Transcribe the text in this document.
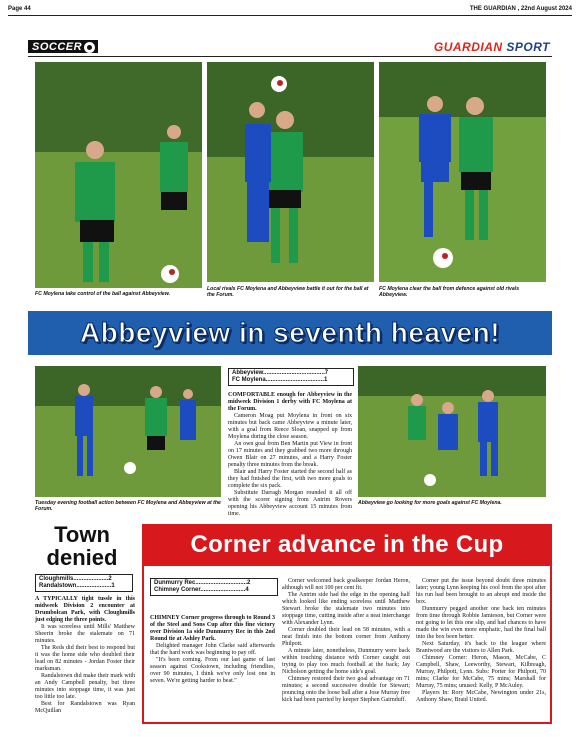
Page 44	THE GUARDIAN , 22nd August 2024
SOCCER	GUARDIAN SPORT
FC Moylena take control of the ball against Abbeyview.
Local rivals FC Moylena and Abbeyview battle it out for the ball at the Forum.
FC Moylena clear the ball from defence against old rivals Abbeyview.
Abbeyview in seventh heaven!
Tuesday evening football action between FC Moylena and Abbeyview at the Forum.
Abbeyview.....................................7
FC Moylena...................................1

COMFORTABLE enough for Abbeyview in the midweek Division 1 derby with FC Moylena at the Forum.

Cameron Moag put Moylena in front on six minutes but back came Abbeyview a minute later, with a goal from Reece Sloan, snapped up from Moylena during the close season.

An own goal from Ben Martin put View in front on 17 minutes and they grabbed two more through Owen Blair on 27 minutes, and a Harry Foster penalty three minutes from the break.

Blair and Harry Foster started the second half as they had finished the first, with two more goals to complete the six pack.

Substitute Darragh Morgan rounded it all off with the scorer signing from Antrim Rovers opening his Abbeyview account 15 minutes from time.

Abbeyview go looking for more goals against FC Moylena.
Town
denied
Cloughmills.....................2
Randalstown.....................1

A TYPICALLY tight tussle in this midweek Division 2 encounter at Drumbolcan Park, with Cloughmills just edging the three points.

It was scoreless until Mills' Matthew Sheerin broke the stalemate on 71 minutes.

The Reds did their best to respond but it was the home side who doubled their lead on 82 minutes - Jordan Foster their marksman.

Randalstown did make their mark with an Andy Campbell penalty, but three minutes into stoppage time, it was just too little too late.

Best for Randalstown was Ryan McQuillan

Corner advance in the Cup
Dunmurry Rec...............................2
Chimney Corner...........................4

CHIMNEY Corner progress through to Round 3 of the Steel and Sons Cup after this fine victory over Division 1a side Dunmurry Rec in this 2nd Round tie at Ashley Park.

Delighted manager John Clarke said afterwards that the hard work was beginning to pay off.

"It's been coming. From our last game of last season against Cookstown, including friendlies, over 90 minutes, I think we've only lost one in seven. We're getting harder to beat."

Corner welcomed back goalkeeper Jordan Heron, although will not 100 per cent fit.

The Antrim side had the edge in the opening half which looked like ending scoreless until Matthew Stewart broke the stalemate two minutes into stoppage time, cutting inside after a neat interchange with Alexander Lynn.

Corner doubled their lead on 58 minutes, with a neat finish into the bottom corner from Anthony Philpott.

A minute later, nonetheless, Dunmurry were back within touching distance with Corner caught out trying to play too much football at the back; Jay Nicholson getting the home side's goal.

Chimney restored their two goal advantage on 71 minutes; a second successive double for Stewart; pouncing onto the loose ball after a Jose Murray free kick had been parried by keeper Stephen Gairnduff.

Corner put the issue beyond doubt three minutes later; young Lynn keeping his cool from the spot after his run had been brought to an abrupt end inside the box.

Dunmurry pegged another one back ten minutes from time through Robbie Jamieson, but Corner were not going to let this one slip, and had chances to have made the win even more emphatic, had the final ball into the box been better.

Next Saturday, it's back to the league where Brantwood are the visitors to Allen Park.

Chimney Corner: Heron, Mason, McCabe, C Campbell, Shaw, Leeworthy, Stewart, Kilbreagh, Murray, Philpott, Lynn. Subs: Porter for Philpott, 70 mins; Clarke for McCabe, 75 mins; Marshall for Murray, 75 mins; unused: Kelly, P McAuley.

Players In: Rory McCabe, Newington under 21s, Anthony Shaw, Braid United.
